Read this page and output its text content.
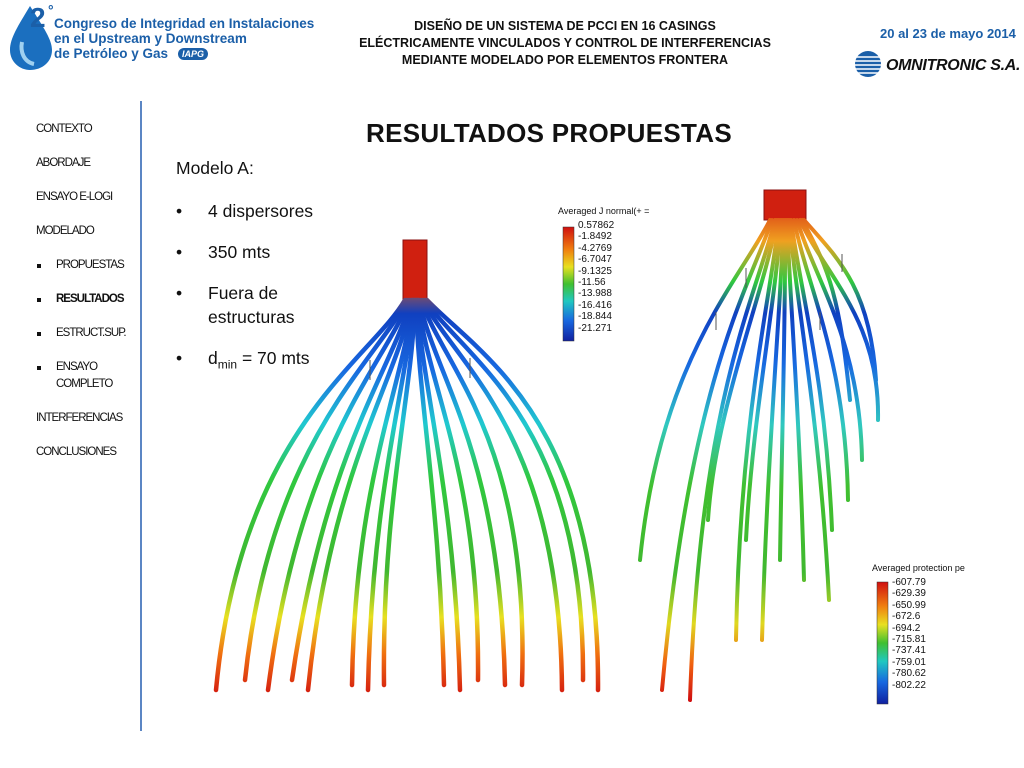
2 °
Congreso de Integridad en Instalaciones
en el Upstream y Downstream
de Petróleo y Gas	IAPG
DISEÑO DE UN SISTEMA DE PCCI EN 16 CASINGS
ELÉCTRICAMENTE VINCULADOS Y CONTROL DE INTERFERENCIAS
MEDIANTE MODELADO POR ELEMENTOS FRONTERA
20 al 23 de mayo 2014
OMNITRONIC S.A.
CONTEXTO
ABORDAJE
ENSAYO E-LOGI
MODELADO
PROPUESTAS
RESULTADOS
ESTRUCT.SUP.
ENSAYO
COMPLETO
INTERFERENCIAS
CONCLUSIONES
RESULTADOS PROPUESTAS
Modelo A:
• 4 dispersores
• 350 mts
• Fuera de estructuras
• $d_{min} = 70$ mts
Averaged J normal(+ =
0.57862
-1.8492
-4.2769
-6.7047
-9.1325
-11.56
-13.988
-16.416
-18.844
-21.271
Averaged protection pe
-607.79
-629.39
-650.99
-672.6
-694.2
-715.81
-737.41
-759.01
-780.62
-802.22
